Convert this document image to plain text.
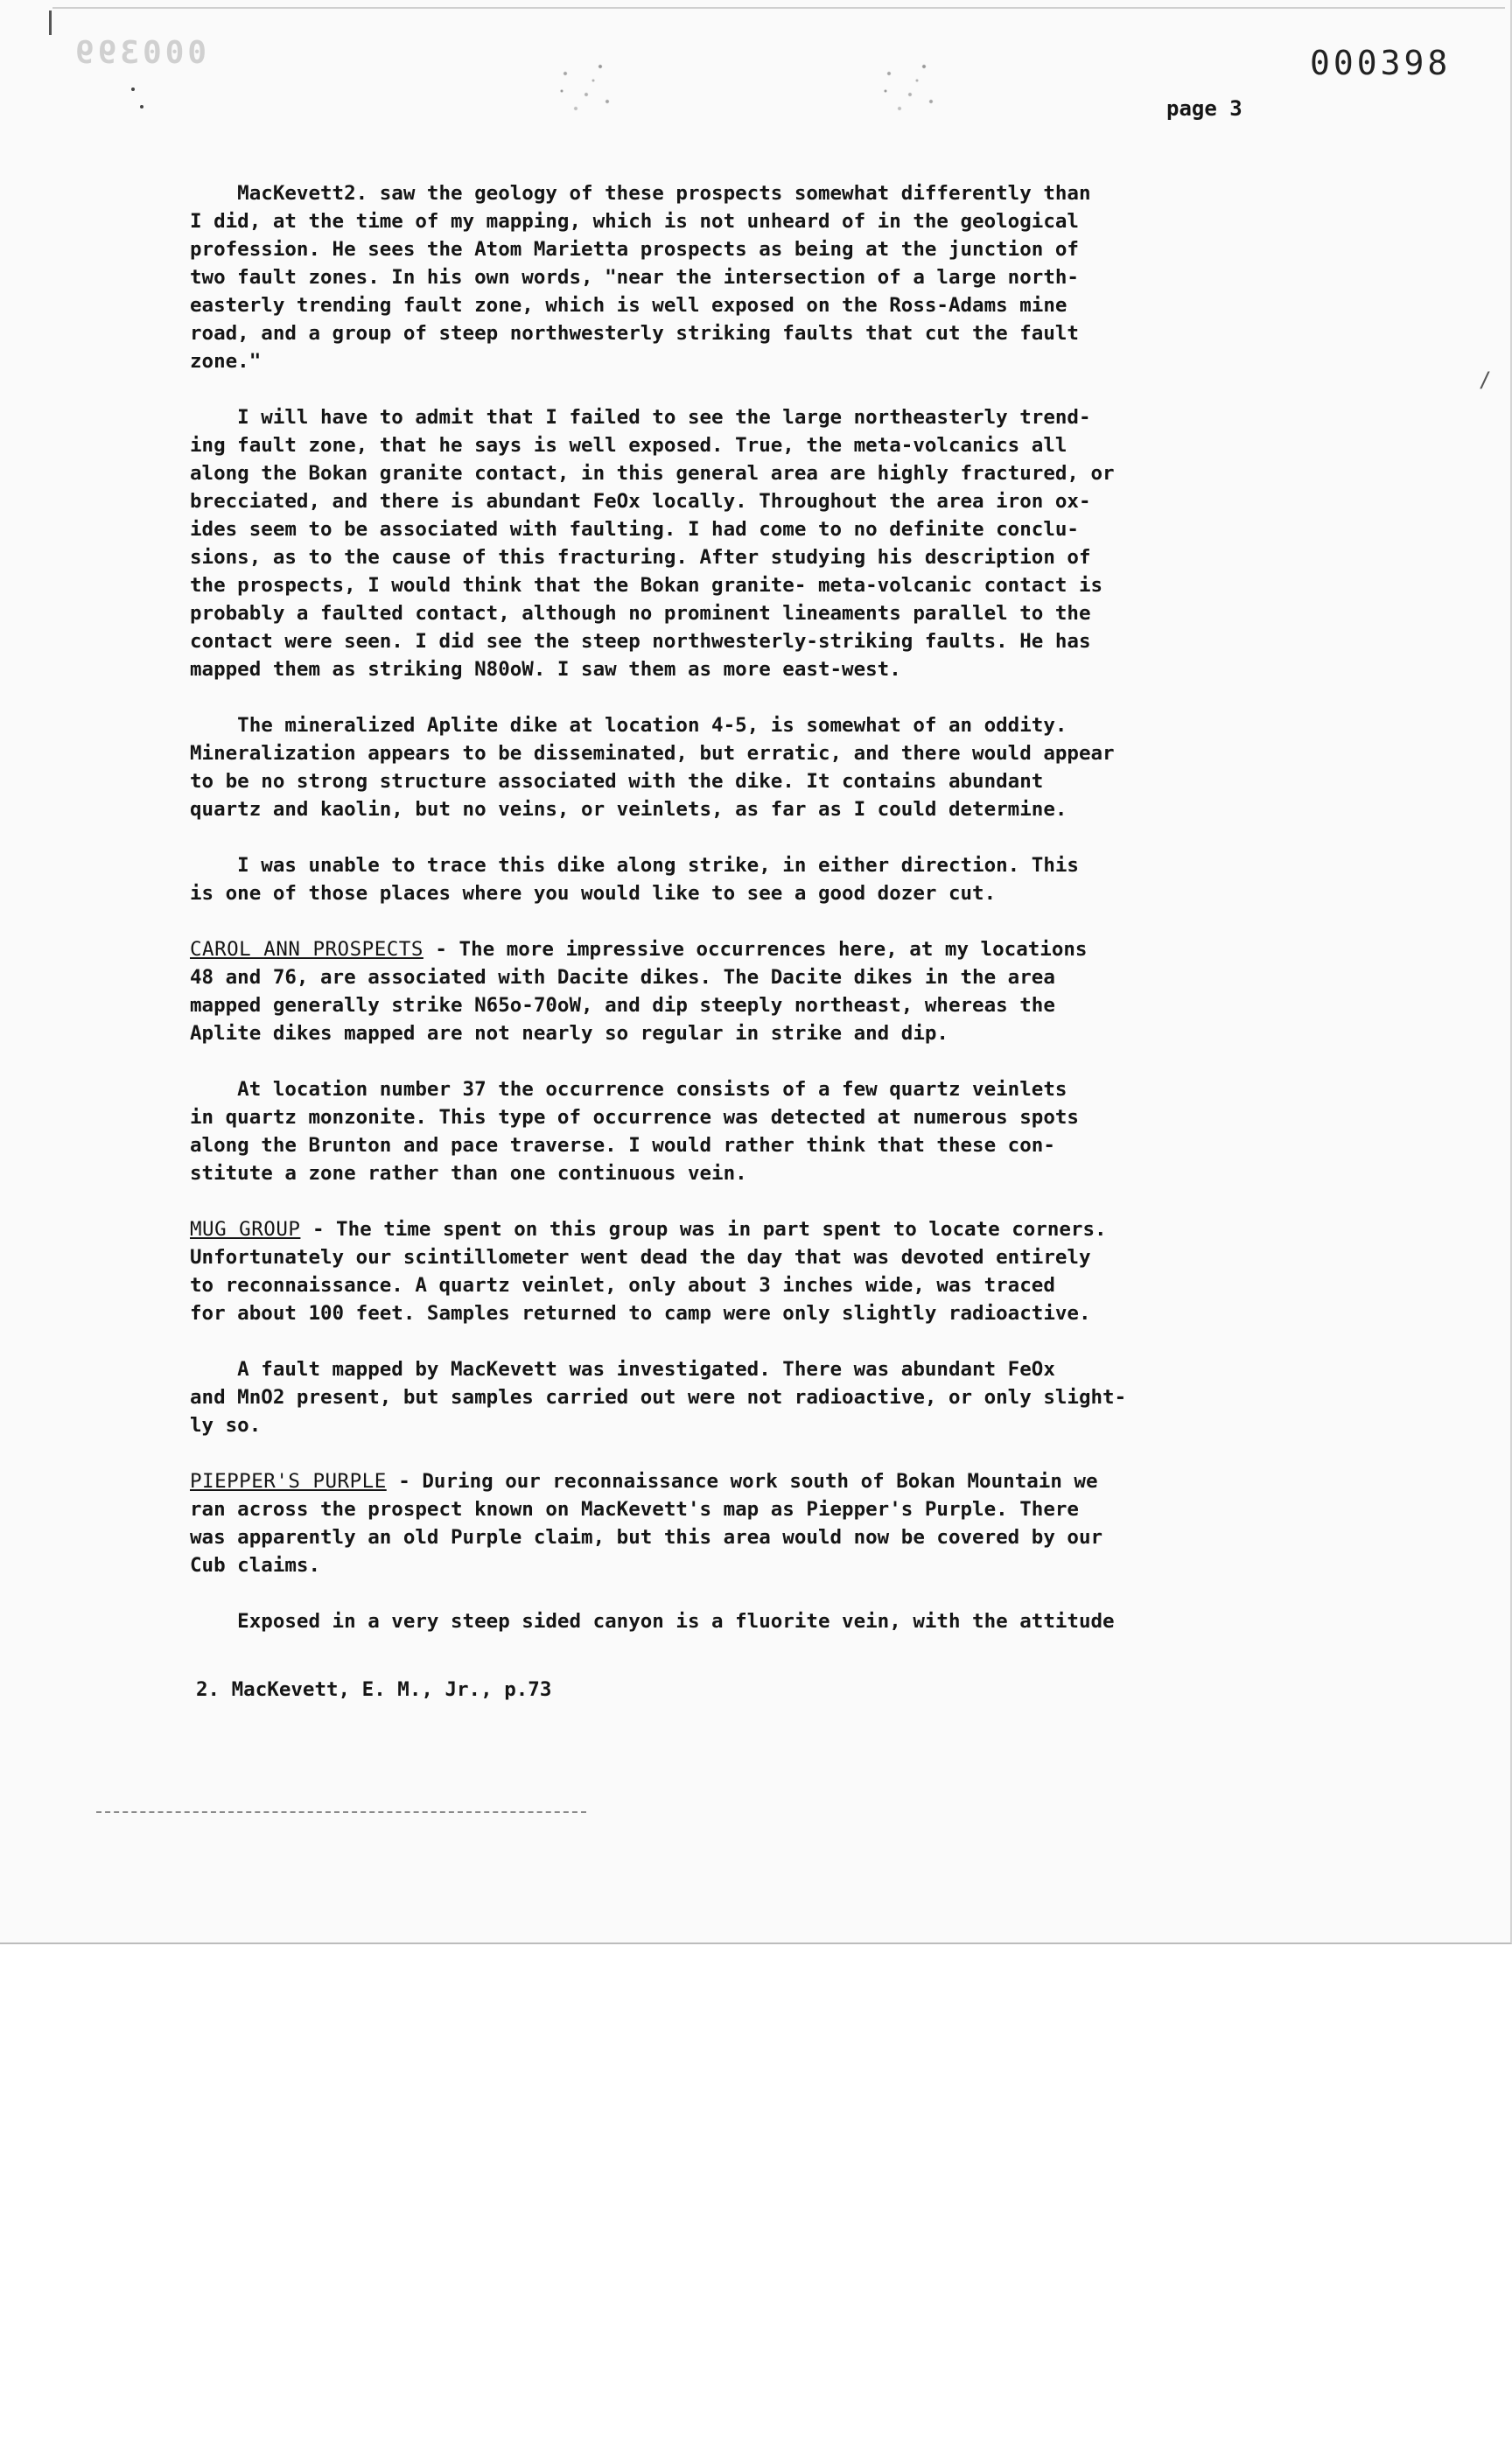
000399	000398
page 3
MacKevett2. saw the geology of these prospects somewhat differently than
I did, at the time of my mapping, which is not unheard of in the geological
profession. He sees the Atom Marietta prospects as being at the junction of
two fault zones. In his own words, "near the intersection of a large north-
easterly trending fault zone, which is well exposed on the Ross-Adams mine
road, and a group of steep northwesterly striking faults that cut the fault
zone."
I will have to admit that I failed to see the large northeasterly trend-
ing fault zone, that he says is well exposed. True, the meta-volcanics all
along the Bokan granite contact, in this general area are highly fractured, or
brecciated, and there is abundant FeOx locally. Throughout the area iron ox-
ides seem to be associated with faulting. I had come to no definite conclu-
sions, as to the cause of this fracturing. After studying his description of
the prospects, I would think that the Bokan granite- meta-volcanic contact is
probably a faulted contact, although no prominent lineaments parallel to the
contact were seen. I did see the steep northwesterly-striking faults. He has
mapped them as striking N80oW. I saw them as more east-west.
The mineralized Aplite dike at location 4-5, is somewhat of an oddity.
Mineralization appears to be disseminated, but erratic, and there would appear
to be no strong structure associated with the dike. It contains abundant
quartz and kaolin, but no veins, or veinlets, as far as I could determine.
I was unable to trace this dike along strike, in either direction. This
is one of those places where you would like to see a good dozer cut.
CAROL ANN PROSPECTS - The more impressive occurrences here, at my locations
48 and 76, are associated with Dacite dikes. The Dacite dikes in the area
mapped generally strike N65o-70oW, and dip steeply northeast, whereas the
Aplite dikes mapped are not nearly so regular in strike and dip.
At location number 37 the occurrence consists of a few quartz veinlets
in quartz monzonite. This type of occurrence was detected at numerous spots
along the Brunton and pace traverse. I would rather think that these con-
stitute a zone rather than one continuous vein.
MUG GROUP - The time spent on this group was in part spent to locate corners.
Unfortunately our scintillometer went dead the day that was devoted entirely
to reconnaissance. A quartz veinlet, only about 3 inches wide, was traced
for about 100 feet. Samples returned to camp were only slightly radioactive.
A fault mapped by MacKevett was investigated. There was abundant FeOx
and MnO2 present, but samples carried out were not radioactive, or only slight-
ly so.
PIEPPER'S PURPLE - During our reconnaissance work south of Bokan Mountain we
ran across the prospect known on MacKevett's map as Piepper's Purple. There
was apparently an old Purple claim, but this area would now be covered by our
Cub claims.
Exposed in a very steep sided canyon is a fluorite vein, with the attitude
2. MacKevett, E. M., Jr., p.73
/
